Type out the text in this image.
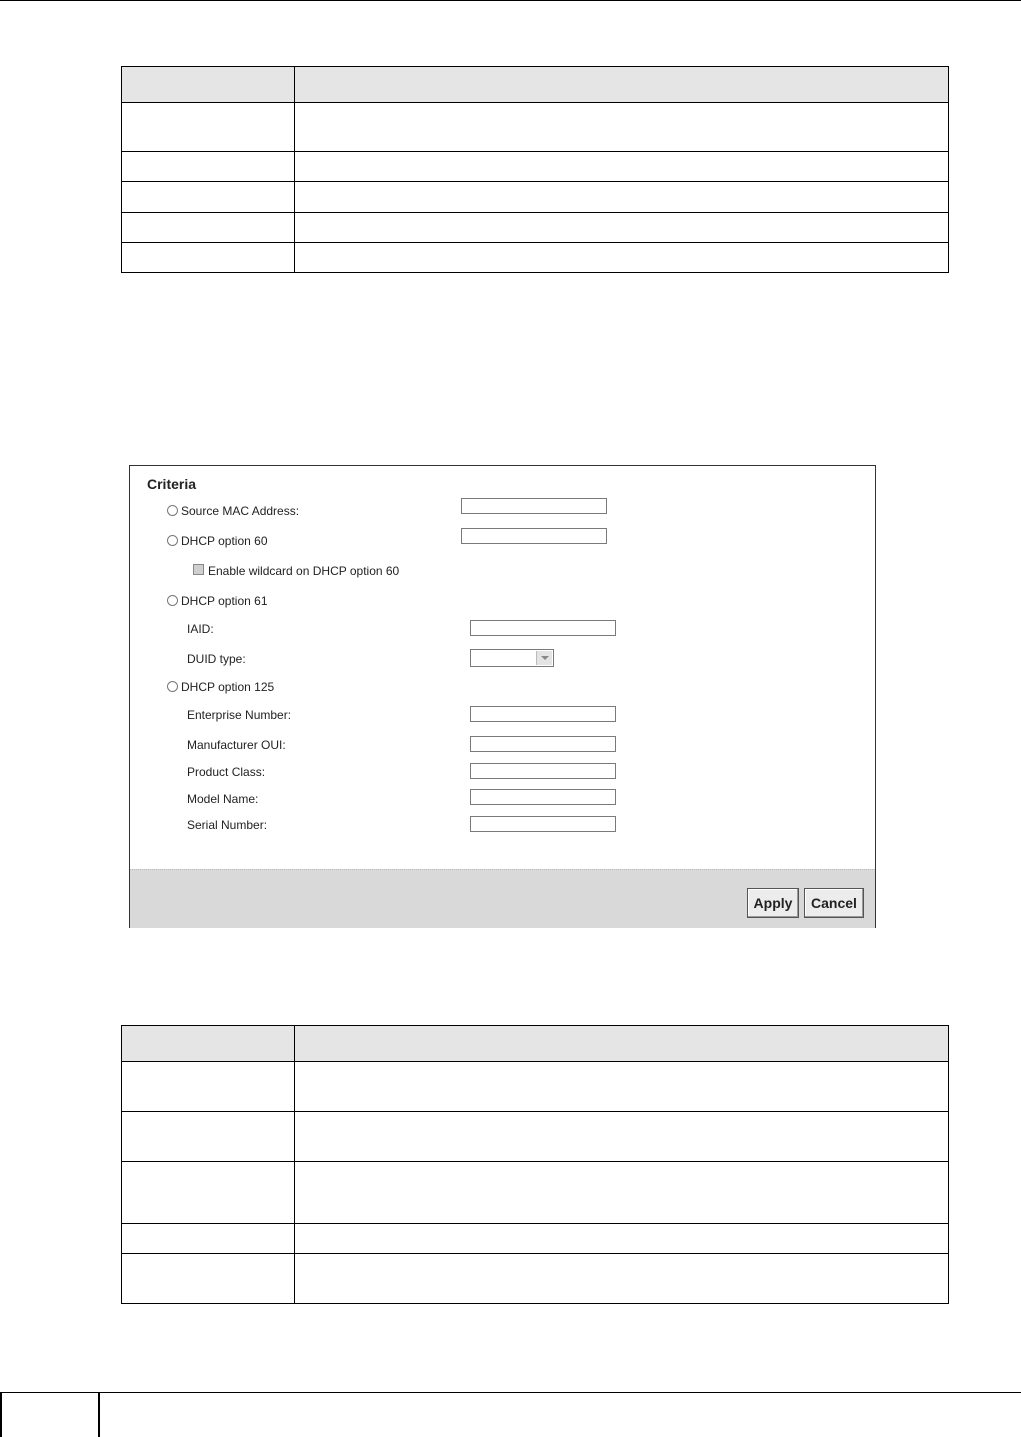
Criteria
Source MAC Address:
DHCP option 60
Enable wildcard on DHCP option 60
DHCP option 61
IAID:
DUID type:
DHCP option 125
Enterprise Number:
Manufacturer OUI:
Product Class:
Model Name:
Serial Number:
Apply	Cancel
